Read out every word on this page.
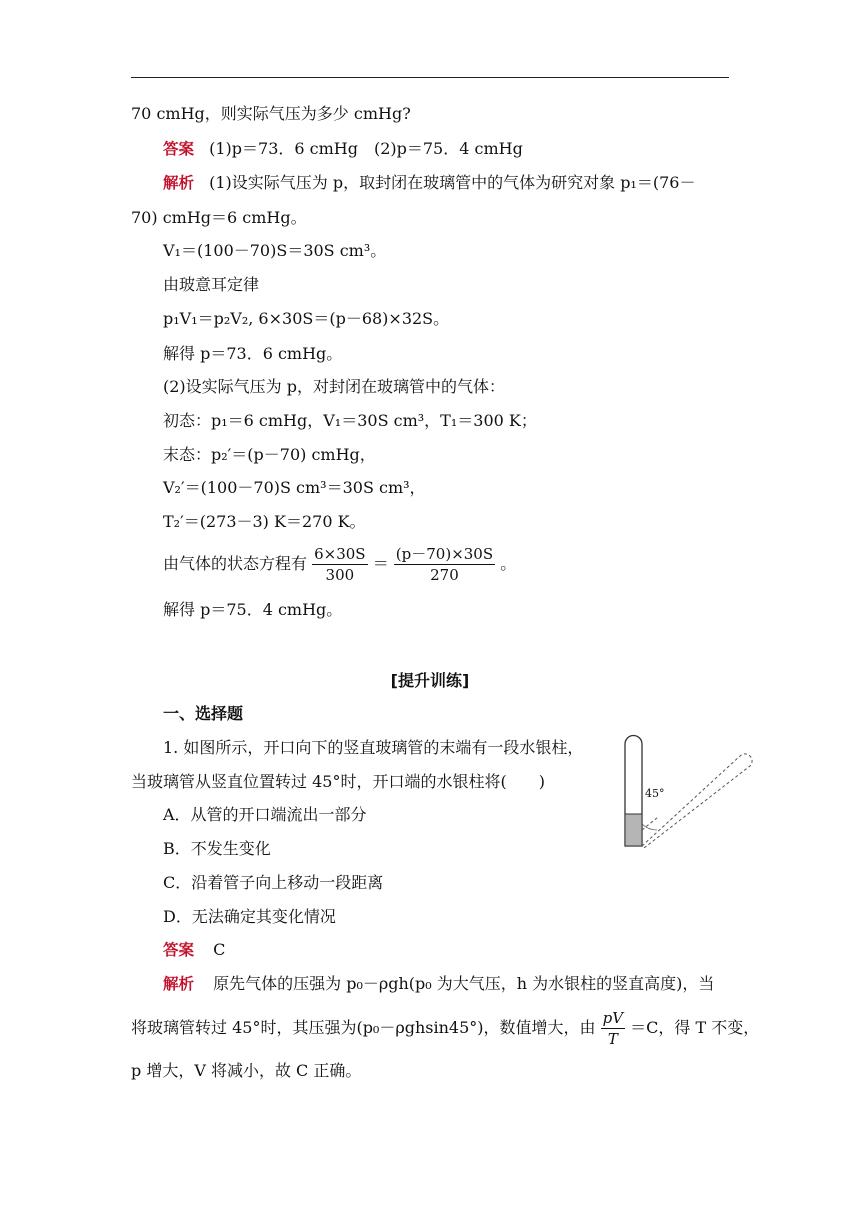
70 cmHg，则实际气压为多少 cmHg?
答案 (1)p＝73．6 cmHg　(2)p＝75．4 cmHg
解析 (1)设实际气压为 p，取封闭在玻璃管中的气体为研究对象 p₁＝(76－
70) cmHg＝6 cmHg。
V₁＝(100－70)S＝30S cm³。
由玻意耳定律
p₁V₁＝p₂V₂, 6×30S＝(p－68)×32S。
解得 p＝73．6 cmHg。
(2)设实际气压为 p，对封闭在玻璃管中的气体：
初态：p₁＝6 cmHg，V₁＝30S cm³，T₁＝300 K；
末态：p₂′＝(p－70) cmHg，
V₂′＝(100－70)S cm³＝30S cm³，
T₂′＝(273－3) K＝270 K。
由气体的状态方程有 $\frac{6\times 30S}{300} = \frac{(p-70)\times 30S}{270}$ 。
解得 p＝75．4 cmHg。
[提升训练]
一、选择题
1. 如图所示，开口向下的竖直玻璃管的末端有一段水银柱，
当玻璃管从竖直位置转过 45°时，开口端的水银柱将(　　)
A．从管的开口端流出一部分
B．不发生变化
C．沿着管子向上移动一段距离
D．无法确定其变化情况
答案 C
解析 原先气体的压强为 p₀－ρgh(p₀ 为大气压，h 为水银柱的竖直高度)，当
将玻璃管转过 45°时，其压强为(p₀－ρghsin45°)，数值增大，由 $\frac{pV}{T} =C$，得 T 不变，
p 增大，V 将减小，故 C 正确。
45°
